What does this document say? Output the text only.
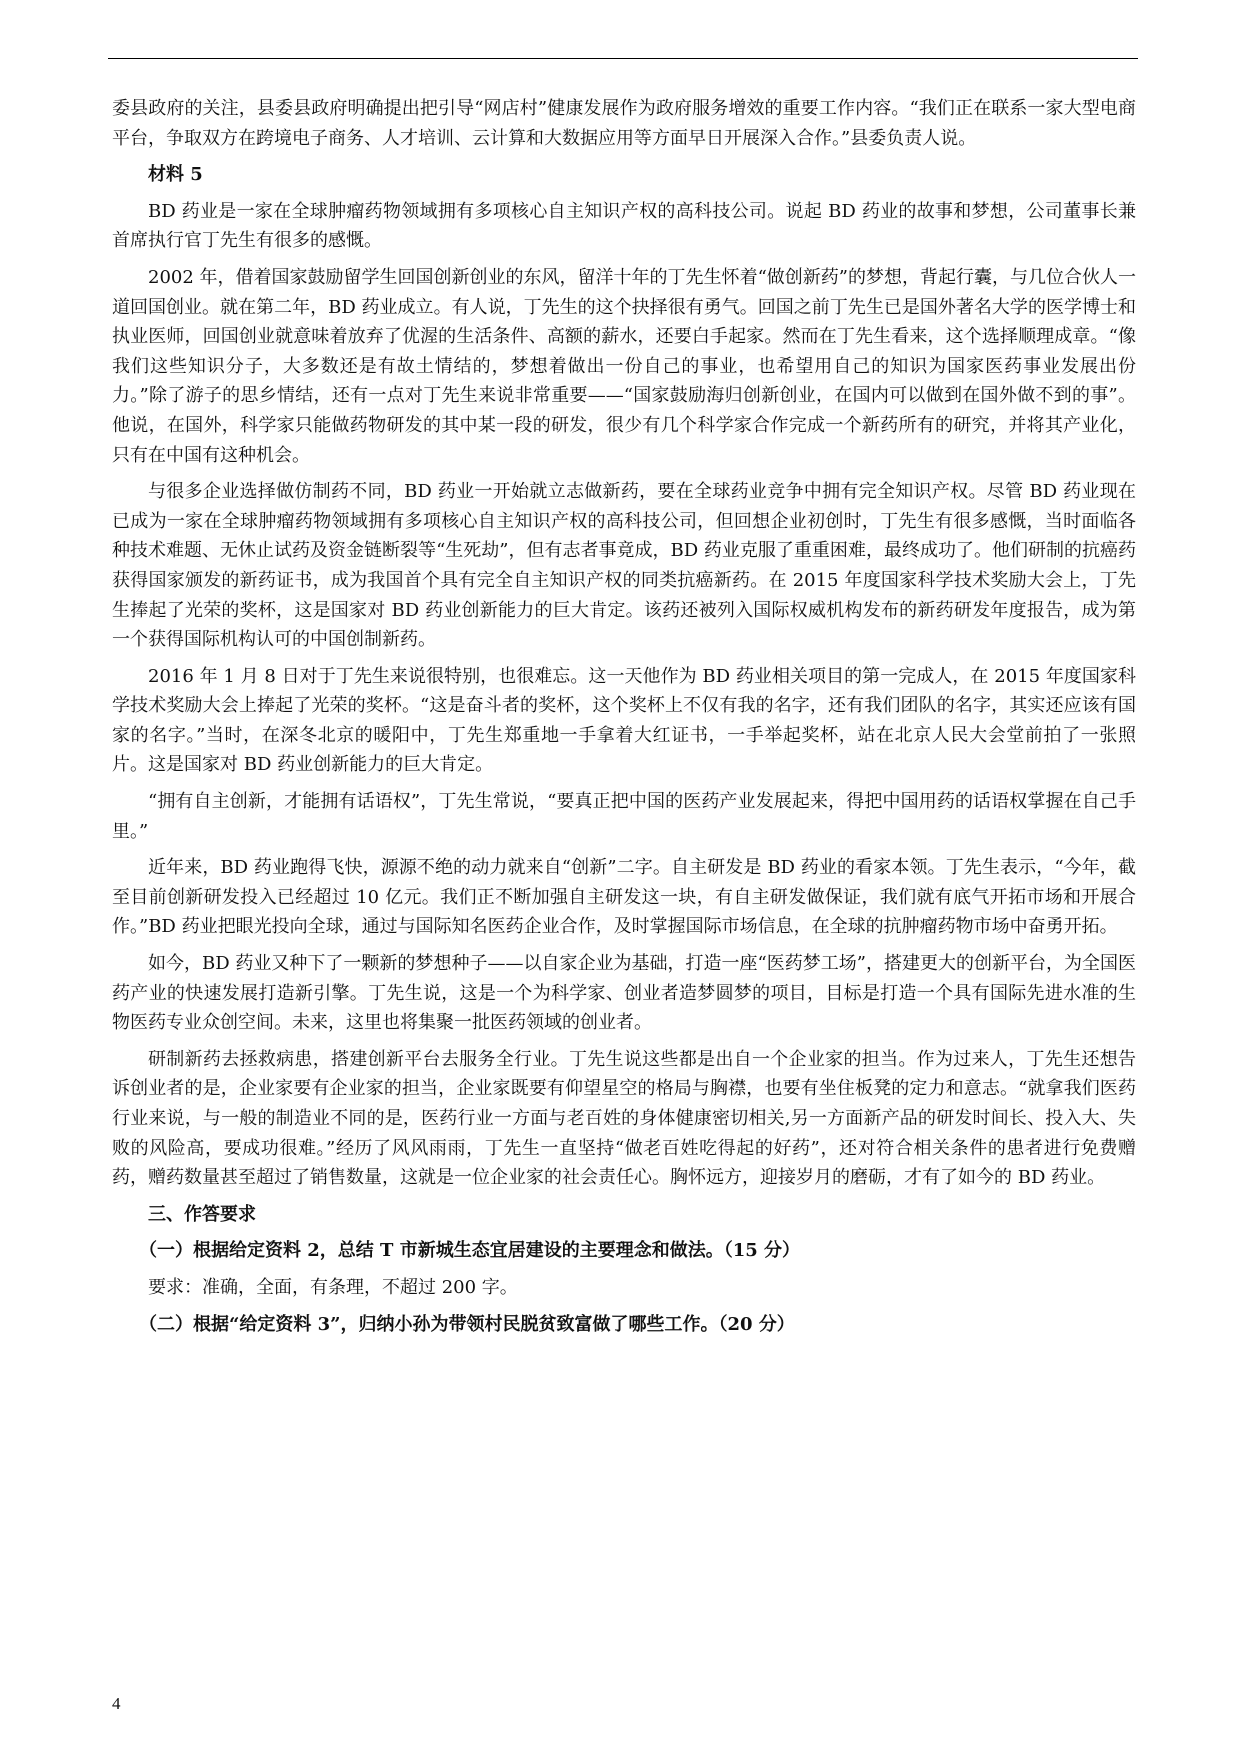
委县政府的关注，县委县政府明确提出把引导“网店村”健康发展作为政府服务增效的重要工作内容。“我们正在联系一家大型电商平台，争取双方在跨境电子商务、人才培训、云计算和大数据应用等方面早日开展深入合作。”县委负责人说。

材料 5

BD 药业是一家在全球肿瘤药物领域拥有多项核心自主知识产权的高科技公司。说起 BD 药业的故事和梦想，公司董事长兼首席执行官丁先生有很多的感慨。

2002 年，借着国家鼓励留学生回国创新创业的东风，留洋十年的丁先生怀着“做创新药”的梦想，背起行囊，与几位合伙人一道回国创业。就在第二年，BD 药业成立。有人说，丁先生的这个抉择很有勇气。回国之前丁先生已是国外著名大学的医学博士和执业医师，回国创业就意味着放弃了优渥的生活条件、高额的薪水，还要白手起家。然而在丁先生看来，这个选择顺理成章。“像我们这些知识分子，大多数还是有故土情结的，梦想着做出一份自己的事业，也希望用自己的知识为国家医药事业发展出份力。”除了游子的思乡情结，还有一点对丁先生来说非常重要——“国家鼓励海归创新创业，在国内可以做到在国外做不到的事”。他说，在国外，科学家只能做药物研发的其中某一段的研发，很少有几个科学家合作完成一个新药所有的研究，并将其产业化，只有在中国有这种机会。

与很多企业选择做仿制药不同，BD 药业一开始就立志做新药，要在全球药业竞争中拥有完全知识产权。尽管 BD 药业现在已成为一家在全球肿瘤药物领域拥有多项核心自主知识产权的高科技公司，但回想企业初创时，丁先生有很多感慨，当时面临各种技术难题、无休止试药及资金链断裂等“生死劫”，但有志者事竟成，BD 药业克服了重重困难，最终成功了。他们研制的抗癌药获得国家颁发的新药证书，成为我国首个具有完全自主知识产权的同类抗癌新药。在 2015 年度国家科学技术奖励大会上，丁先生捧起了光荣的奖杯，这是国家对 BD 药业创新能力的巨大肯定。该药还被列入国际权威机构发布的新药研发年度报告，成为第一个获得国际机构认可的中国创制新药。

2016 年 1 月 8 日对于丁先生来说很特别，也很难忘。这一天他作为 BD 药业相关项目的第一完成人，在 2015 年度国家科学技术奖励大会上捧起了光荣的奖杯。“这是奋斗者的奖杯，这个奖杯上不仅有我的名字，还有我们团队的名字，其实还应该有国家的名字。”当时，在深冬北京的暖阳中，丁先生郑重地一手拿着大红证书，一手举起奖杯，站在北京人民大会堂前拍了一张照片。这是国家对 BD 药业创新能力的巨大肯定。

“拥有自主创新，才能拥有话语权”，丁先生常说，“要真正把中国的医药产业发展起来，得把中国用药的话语权掌握在自己手里。”

近年来，BD 药业跑得飞快，源源不绝的动力就来自“创新”二字。自主研发是 BD 药业的看家本领。丁先生表示，“今年，截至目前创新研发投入已经超过 10 亿元。我们正不断加强自主研发这一块，有自主研发做保证，我们就有底气开拓市场和开展合作。”BD 药业把眼光投向全球，通过与国际知名医药企业合作，及时掌握国际市场信息，在全球的抗肿瘤药物市场中奋勇开拓。

如今，BD 药业又种下了一颗新的梦想种子——以自家企业为基础，打造一座“医药梦工场”，搭建更大的创新平台，为全国医药产业的快速发展打造新引擎。丁先生说，这是一个为科学家、创业者造梦圆梦的项目，目标是打造一个具有国际先进水准的生物医药专业众创空间。未来，这里也将集聚一批医药领域的创业者。

研制新药去拯救病患，搭建创新平台去服务全行业。丁先生说这些都是出自一个企业家的担当。作为过来人，丁先生还想告诉创业者的是，企业家要有企业家的担当，企业家既要有仰望星空的格局与胸襟，也要有坐住板凳的定力和意志。“就拿我们医药行业来说，与一般的制造业不同的是，医药行业一方面与老百姓的身体健康密切相关,另一方面新产品的研发时间长、投入大、失败的风险高，要成功很难。”经历了风风雨雨，丁先生一直坚持“做老百姓吃得起的好药”，还对符合相关条件的患者进行免费赠药，赠药数量甚至超过了销售数量，这就是一位企业家的社会责任心。胸怀远方，迎接岁月的磨砺，才有了如今的 BD 药业。

三、作答要求

（一）根据给定资料 2，总结 T 市新城生态宜居建设的主要理念和做法。（15 分）

要求：准确，全面，有条理，不超过 200 字。

（二）根据“给定资料 3”，归纳小孙为带领村民脱贫致富做了哪些工作。（20 分）

4
